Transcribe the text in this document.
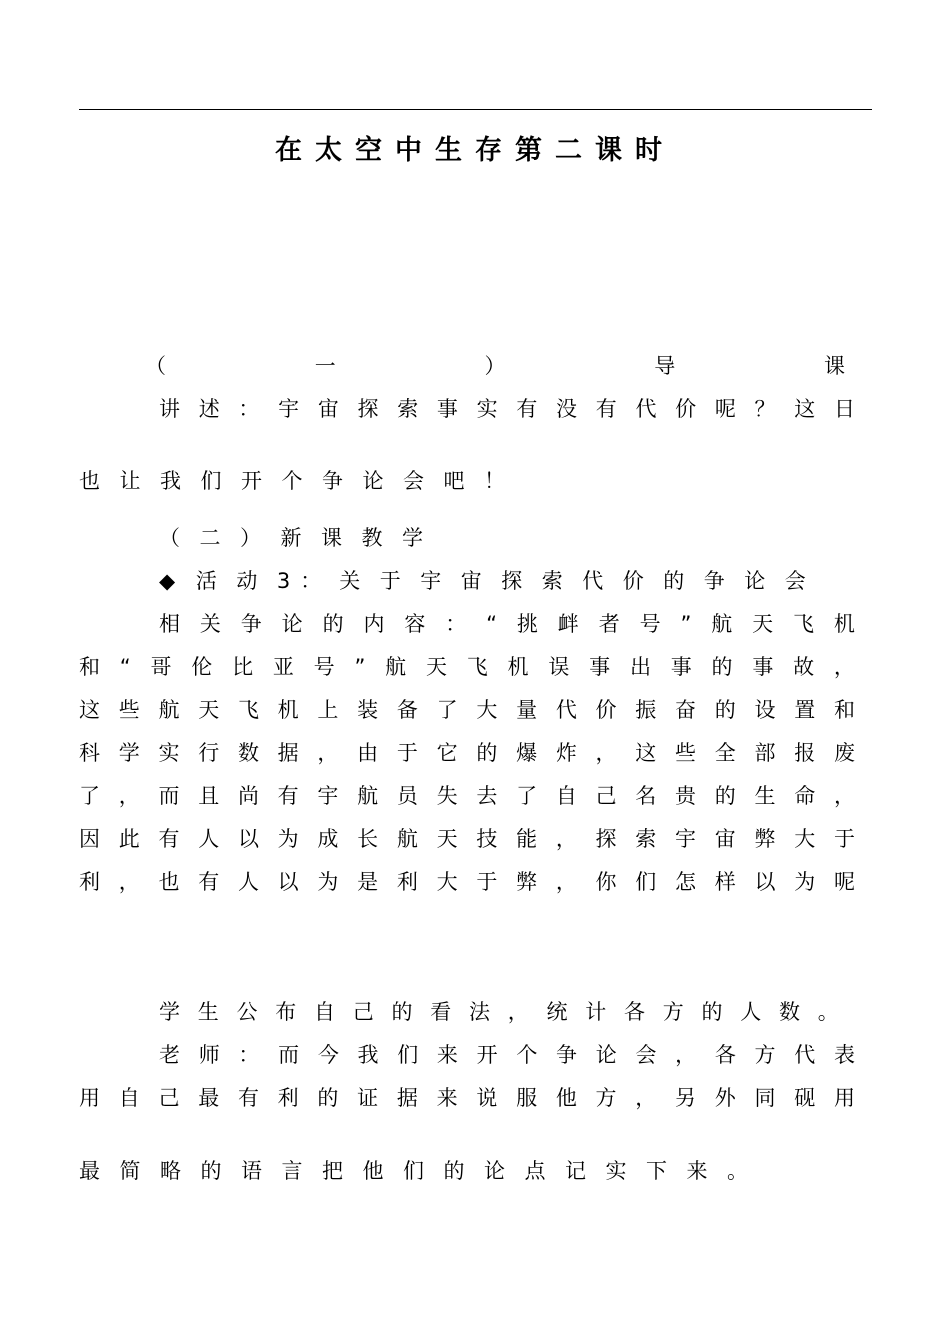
在太空中生存第二课时
（	一	）	导	课
讲 述 ： 宇 宙 探 索 事 实 有 没 有 代 价 呢 ？ 这 日
也让我们开个争论会吧！
（二）新课教学
◆ 活动3： 关于宇宙探索代价的争论会
相 关 争 论 的 内 容 ： “ 挑 衅 者 号 ” 航 天 飞 机
和 “ 哥 伦 比 亚 号 ” 航 天 飞 机 误 事 出 事 的 事 故 ，
这 些 航 天 飞 机 上 装 备 了 大 量 代 价 振 奋 的 设 置 和
科 学 实 行 数 据 ， 由 于 它 的 爆 炸 ， 这 些 全 部 报 废
了 ， 而 且 尚 有 宇 航 员 失 去 了 自 己 名 贵 的 生 命 ，
因 此 有 人 以 为 成 长 航 天 技 能 ， 探 索 宇 宙 弊 大 于
利 ， 也 有 人 以 为 是 利 大 于 弊 ， 你 们 怎 样 以 为 呢
学 生 公 布 自 己 的 看 法 ， 统 计 各 方 的 人 数 。
老 师 ： 而 今 我 们 来 开 个 争 论 会 ， 各 方 代 表
用 自 己 最 有 利 的 证 据 来 说 服 他 方 ， 另 外 同 砚 用
最简略的语言把他们的论点记实下来。
